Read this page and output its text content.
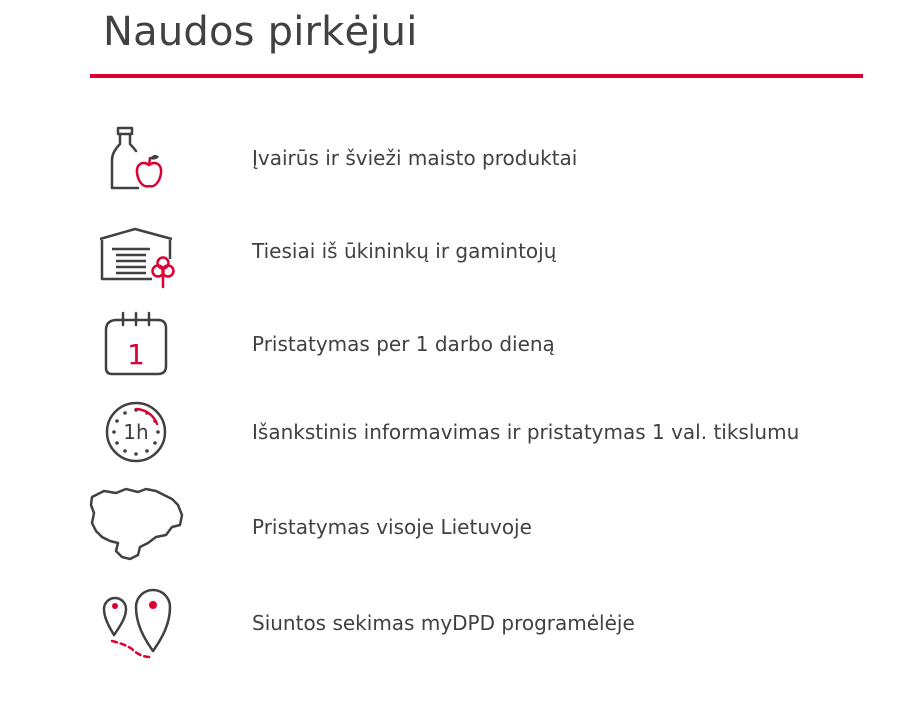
Naudos pirkėjui
Įvairūs ir švieži maisto produktai
Tiesiai iš ūkininkų ir gamintojų
1	Pristatymas per 1 darbo dieną
1h	Išankstinis informavimas ir pristatymas 1 val. tikslumu
Pristatymas visoje Lietuvoje
Siuntos sekimas myDPD programėlėje
